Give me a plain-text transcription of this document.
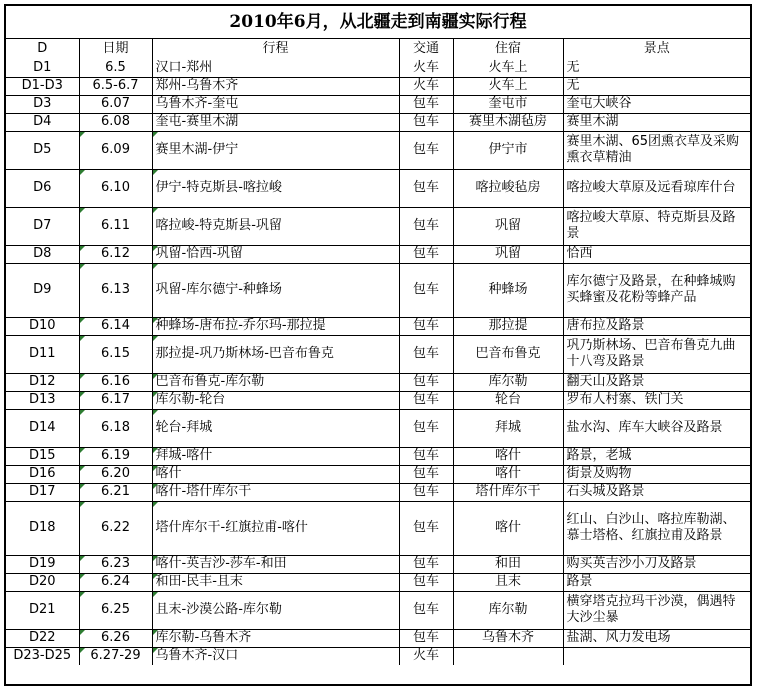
2010年6月，从北疆走到南疆实际行程
D	日期	行程	交通	住宿	景点
D1	6.5	汉口-郑州	火车	火车上	无
D1-D3	6.5-6.7	郑州-乌鲁木齐	火车	火车上	无
D3	6.07	乌鲁木齐-奎屯	包车	奎屯市	奎屯大峡谷
D4	6.08	奎屯-赛里木湖	包车	赛里木湖毡房	赛里木湖
D5	6.09	赛里木湖-伊宁	包车	伊宁市	赛里木湖、65团熏衣草及采购熏衣草精油
D6	6.10	伊宁-特克斯县-喀拉峻	包车	喀拉峻毡房	喀拉峻大草原及远看琼库什台
D7	6.11	喀拉峻-特克斯县-巩留	包车	巩留	喀拉峻大草原、特克斯县及路景
D8	6.12	巩留-恰西-巩留	包车	巩留	恰西
D9	6.13	巩留-库尔德宁-种蜂场	包车	种蜂场	库尔德宁及路景，在种蜂城购买蜂蜜及花粉等蜂产品
D10	6.14	种蜂场-唐布拉-乔尔玛-那拉提	包车	那拉提	唐布拉及路景
D11	6.15	那拉提-巩乃斯林场-巴音布鲁克	包车	巴音布鲁克	巩乃斯林场、巴音布鲁克九曲十八弯及路景
D12	6.16	巴音布鲁克-库尔勒	包车	库尔勒	翻天山及路景
D13	6.17	库尔勒-轮台	包车	轮台	罗布人村寨、铁门关
D14	6.18	轮台-拜城	包车	拜城	盐水沟、库车大峡谷及路景
D15	6.19	拜城-喀什	包车	喀什	路景，老城
D16	6.20	喀什	包车	喀什	街景及购物
D17	6.21	喀什-塔什库尔干	包车	塔什库尔干	石头城及路景
D18	6.22	塔什库尔干-红旗拉甫-喀什	包车	喀什	红山、白沙山、喀拉库勒湖、慕士塔格、红旗拉甫及路景
D19	6.23	喀什-英吉沙-莎车-和田	包车	和田	购买英吉沙小刀及路景
D20	6.24	和田-民丰-且末	包车	且末	路景
D21	6.25	且末-沙漠公路-库尔勒	包车	库尔勒	横穿塔克拉玛干沙漠，偶遇特大沙尘暴
D22	6.26	库尔勒-乌鲁木齐	包车	乌鲁木齐	盐湖、风力发电场
D23-D25	6.27-29	乌鲁木齐-汉口	火车		
